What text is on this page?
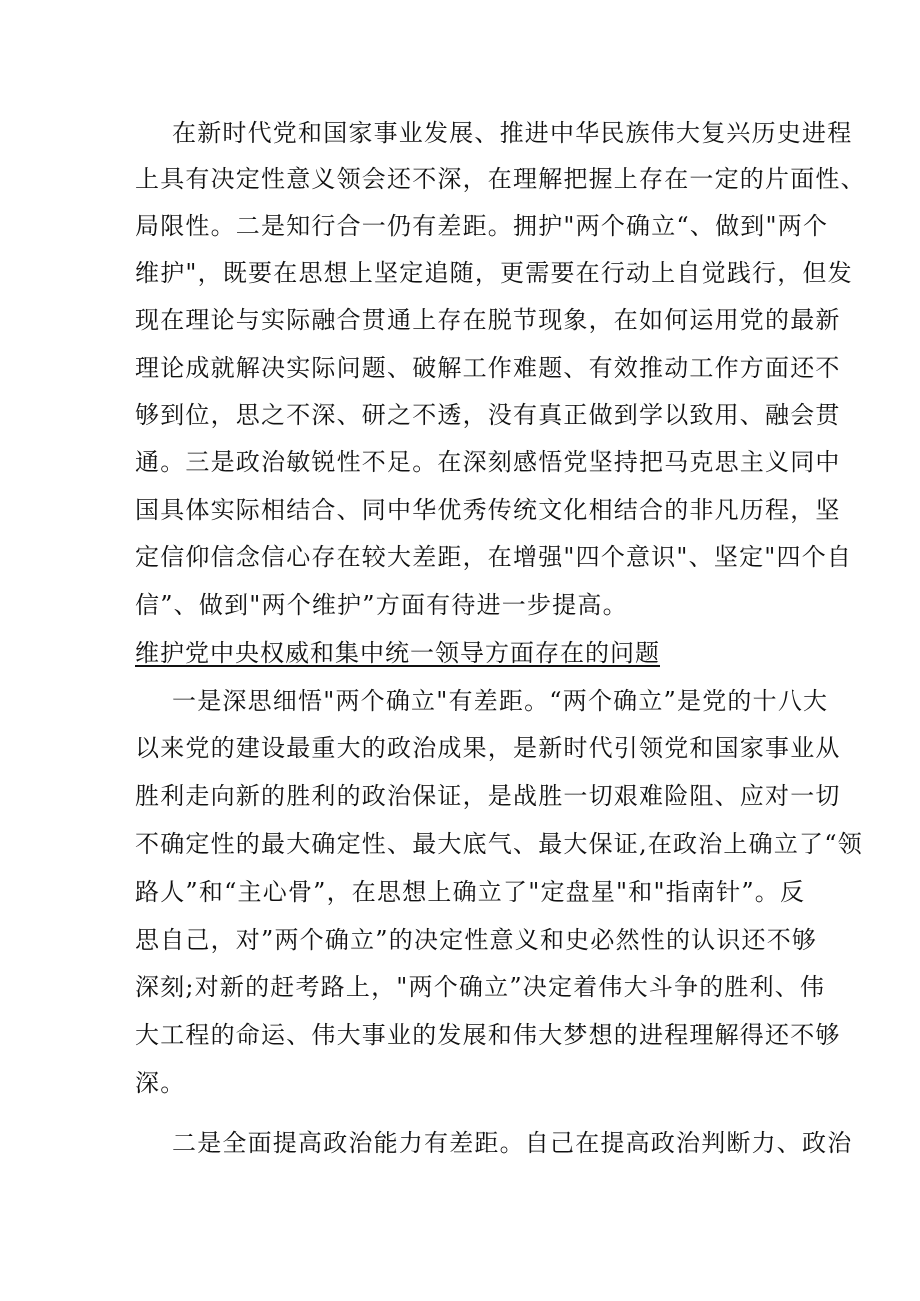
在新时代党和国家事业发展、推进中华民族伟大复兴历史进程
上具有决定性意义领会还不深，在理解把握上存在一定的片面性、
局限性。二是知行合一仍有差距。拥护"两个确立“、做到"两个
维护"，既要在思想上坚定追随，更需要在行动上自觉践行，但发
现在理论与实际融合贯通上存在脱节现象，在如何运用党的最新
理论成就解决实际问题、破解工作难题、有效推动工作方面还不
够到位，思之不深、研之不透，没有真正做到学以致用、融会贯
通。三是政治敏锐性不足。在深刻感悟党坚持把马克思主义同中
国具体实际相结合、同中华优秀传统文化相结合的非凡历程，坚
定信仰信念信心存在较大差距，在增强"四个意识"、坚定"四个自
信”、做到"两个维护”方面有待进一步提高。
维护党中央权威和集中统一领导方面存在的问题
一是深思细悟"两个确立"有差距。“两个确立”是党的十八大
以来党的建设最重大的政治成果，是新时代引领党和国家事业从
胜利走向新的胜利的政治保证，是战胜一切艰难险阻、应对一切
不确定性的最大确定性、最大底气、最大保证,在政治上确立了“领
路人”和“主心骨”，在思想上确立了"定盘星"和"指南针”。反
思自己，对”两个确立”的决定性意义和史必然性的认识还不够
深刻;对新的赶考路上，"两个确立”决定着伟大斗争的胜利、伟
大工程的命运、伟大事业的发展和伟大梦想的进程理解得还不够
深。
二是全面提高政治能力有差距。自己在提高政治判断力、政治
